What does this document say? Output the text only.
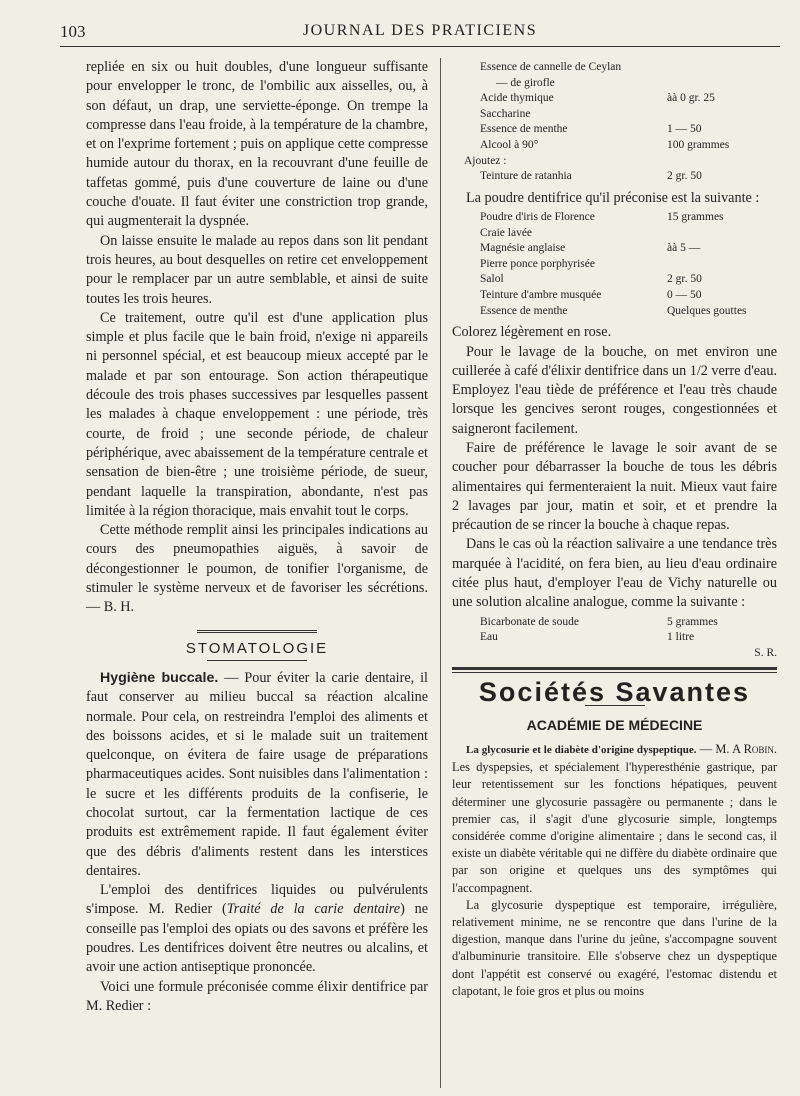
103	JOURNAL DES PRATICIENS

repliée en six ou huit doubles, d'une longueur suffisante pour envelopper le tronc, de l'ombilic aux aisselles, ou, à son défaut, un drap, une serviette-éponge. On trempe la compresse dans l'eau froide, à la température de la chambre, et on l'exprime fortement ; puis on applique cette compresse humide autour du thorax, en la recouvrant d'une feuille de taffetas gommé, puis d'une couverture de laine ou d'une couche d'ouate. Il faut éviter une constriction trop grande, qui augmenterait la dyspnée.

On laisse ensuite le malade au repos dans son lit pendant trois heures, au bout desquelles on retire cet enveloppement pour le remplacer par un autre semblable, et ainsi de suite toutes les trois heures.

Ce traitement, outre qu'il est d'une application plus simple et plus facile que le bain froid, n'exige ni appareils ni personnel spécial, et est beaucoup mieux accepté par le malade et par son entourage. Son action thérapeutique découle des trois phases successives par lesquelles passent les malades à chaque enveloppement : une période, très courte, de froid ; une seconde période, de chaleur périphérique, avec abaissement de la température centrale et sensation de bien-être ; une troisième période, de sueur, pendant laquelle la transpiration, abondante, n'est pas limitée à la région thoracique, mais envahit tout le corps.

Cette méthode remplit ainsi les principales indications au cours des pneumopathies aiguës, à savoir de décongestionner le poumon, de tonifier l'organisme, de stimuler le système nerveux et de favoriser les sécrétions. — B. H.

STOMATOLOGIE

Hygiène buccale. — Pour éviter la carie dentaire, il faut conserver au milieu buccal sa réaction alcaline normale. Pour cela, on restreindra l'emploi des aliments et des boissons acides, et si le malade suit un traitement quelconque, on évitera de faire usage de préparations pharmaceutiques acides. Sont nuisibles dans l'alimentation : le sucre et les différents produits de la confiserie, le chocolat surtout, car la fermentation lactique de ces produits est extrêmement rapide. Il faut également éviter que des débris d'aliments restent dans les interstices dentaires.

L'emploi des dentifrices liquides ou pulvérulents s'impose. M. Redier (Traité de la carie dentaire) ne conseille pas l'emploi des opiats ou des savons et préfère les poudres. Les dentifrices doivent être neutres ou alcalins, et avoir une action antiseptique prononcée.

Voici une formule préconisée comme élixir dentifrice par M. Redier :

Essence de cannelle de Ceylan
— de girofle
Acide thymique	àà 0 gr. 25
Saccharine
Essence de menthe	1 — 50
Alcool à 90°	100 grammes
Ajoutez :
Teinture de ratanhia	2 gr. 50

La poudre dentifrice qu'il préconise est la suivante :

Poudre d'iris de Florence	15 grammes
Craie lavée
Magnésie anglaise	àà 5 —
Pierre ponce porphyrisée
Salol	2 gr. 50
Teinture d'ambre musquée	0 — 50
Essence de menthe	Quelques gouttes

Colorez légèrement en rose.

Pour le lavage de la bouche, on met environ une cuillerée à café d'élixir dentifrice dans un 1/2 verre d'eau. Employez l'eau tiède de préférence et l'eau très chaude lorsque les gencives seront rouges, congestionnées et saigneront facilement.

Faire de préférence le lavage le soir avant de se coucher pour débarrasser la bouche de tous les débris alimentaires qui fermenteraient la nuit. Mieux vaut faire 2 lavages par jour, matin et soir, et et prendre la précaution de se rincer la bouche à chaque repas.

Dans le cas où la réaction salivaire a une tendance très marquée à l'acidité, on fera bien, au lieu d'eau ordinaire citée plus haut, d'employer l'eau de Vichy naturelle ou une solution alcaline analogue, comme la suivante :

Bicarbonate de soude	5 grammes
Eau	1 litre
S. R.
Sociétés Savantes
ACADÉMIE DE MÉDECINE

La glycosurie et le diabète d'origine dyspeptique. — M. A Robin. Les dyspepsies, et spécialement l'hyperesthénie gastrique, par leur retentissement sur les fonctions hépatiques, peuvent déterminer une glycosurie passagère ou permanente ; dans le premier cas, il s'agit d'une glycosurie simple, longtemps considérée comme d'origine alimentaire ; dans le second cas, il existe un diabète véritable qui ne diffère du diabète ordinaire que par son origine et quelques uns des symptômes qui l'accompagnent.

La glycosurie dyspeptique est temporaire, irrégulière, relativement minime, ne se rencontre que dans l'urine de la digestion, manque dans l'urine du jeûne, s'accompagne souvent d'albuminurie transitoire. Elle s'observe chez un dyspeptique dont l'appétit est conservé ou exagéré, l'estomac distendu et clapotant, le foie gros et plus ou moins
